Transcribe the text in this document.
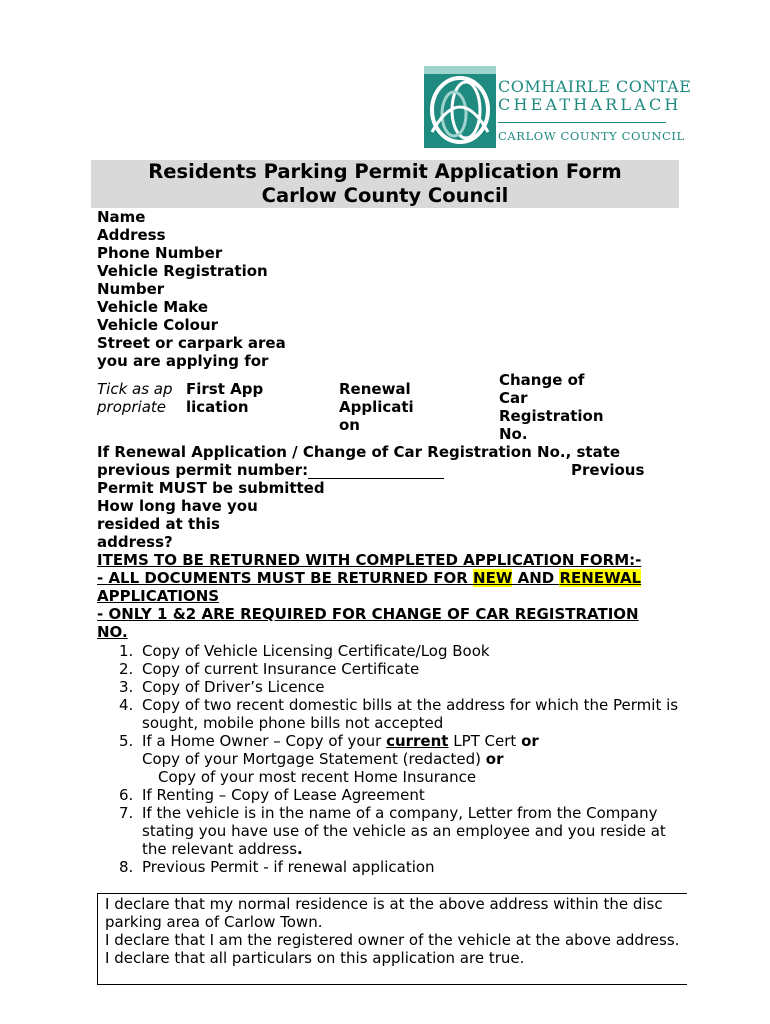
COMHAIRLE CONTAE
CHEATHARLACH
CARLOW COUNTY COUNCIL
Residents Parking Permit Application Form
Carlow County Council
Name
Address
Phone Number
Vehicle Registration Number
Vehicle Make
Vehicle Colour
Street or carpark area you are applying for
Tick as appropriate
First Application
Renewal Application
Change of Car Registration No.
If Renewal Application / Change of Car Registration No., state previous permit number:	Previous
Permit MUST be submitted
How long have you resided at this address?
ITEMS TO BE RETURNED WITH COMPLETED APPLICATION FORM:-
- ALL DOCUMENTS MUST BE RETURNED FOR NEW AND RENEWAL APPLICATIONS
- ONLY 1 &2 ARE REQUIRED FOR CHANGE OF CAR REGISTRATION NO.
1. Copy of Vehicle Licensing Certificate/Log Book
2. Copy of current Insurance Certificate
3. Copy of Driver’s Licence
4. Copy of two recent domestic bills at the address for which the Permit is sought, mobile phone bills not accepted
5. If a Home Owner – Copy of your current LPT Cert or
Copy of your Mortgage Statement (redacted) or
Copy of your most recent Home Insurance
6. If Renting – Copy of Lease Agreement
7. If the vehicle is in the name of a company, Letter from the Company stating you have use of the vehicle as an employee and you reside at the relevant address.
8. Previous Permit - if renewal application
I declare that my normal residence is at the above address within the disc parking area of Carlow Town.
I declare that I am the registered owner of the vehicle at the above address.
I declare that all particulars on this application are true.
